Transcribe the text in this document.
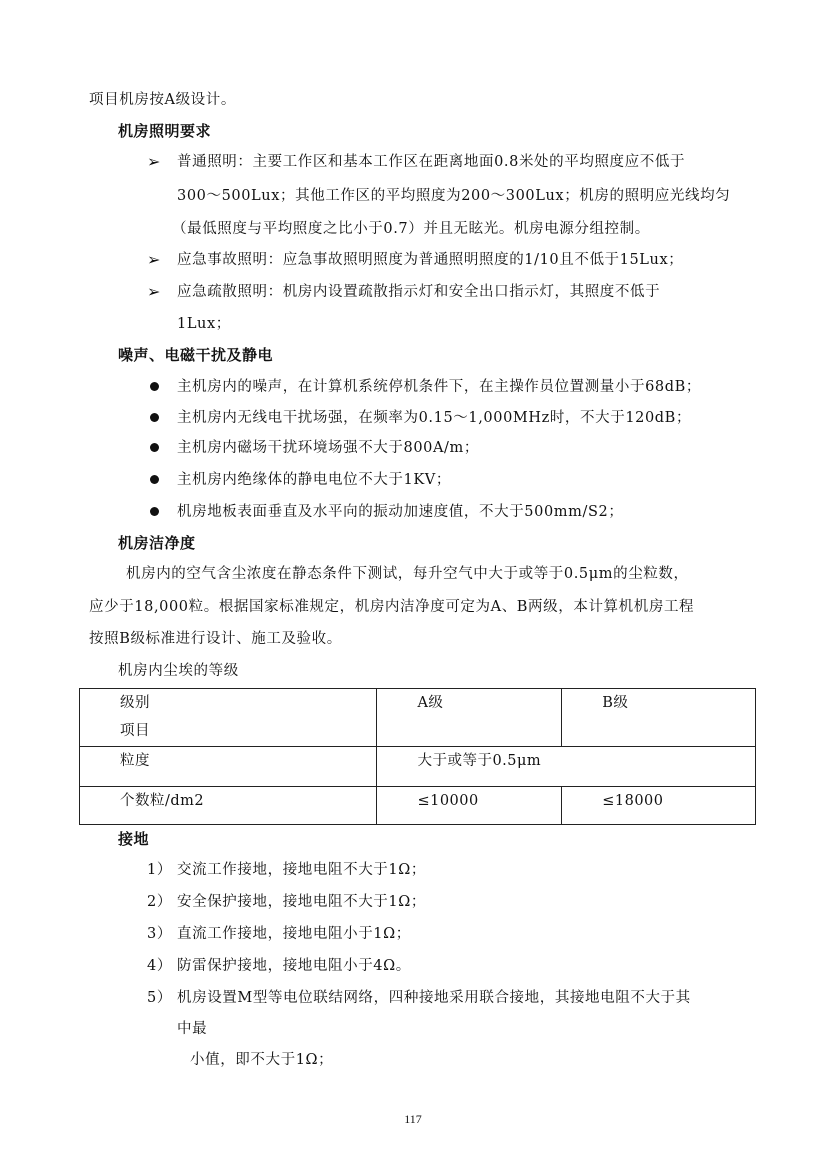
项目机房按A级设计。
机房照明要求
➢ 普通照明：主要工作区和基本工作区在距离地面0.8米处的平均照度应不低于
300～500Lux；其他工作区的平均照度为200～300Lux；机房的照明应光线均匀
（最低照度与平均照度之比小于0.7）并且无眩光。机房电源分组控制。
➢ 应急事故照明：应急事故照明照度为普通照明照度的1/10且不低于15Lux；
➢ 应急疏散照明：机房内设置疏散指示灯和安全出口指示灯，其照度不低于
1Lux；
噪声、电磁干扰及静电
主机房内的噪声，在计算机系统停机条件下，在主操作员位置测量小于68dB；
主机房内无线电干扰场强，在频率为0.15～1,000MHz时，不大于120dB；
主机房内磁场干扰环境场强不大于800A/m；
主机房内绝缘体的静电电位不大于1KV；
机房地板表面垂直及水平向的振动加速度值，不大于500mm/S2；
机房洁净度
机房内的空气含尘浓度在静态条件下测试，每升空气中大于或等于0.5μm的尘粒数，
应少于18,000粒。根据国家标准规定，机房内洁净度可定为A、B两级，本计算机机房工程
按照B级标准进行设计、施工及验收。
机房内尘埃的等级
级别
项目	A级	B级

粒度	大于或等于0.5μm	

个数粒/dm2	≤10000	≤18000
接地
1） 交流工作接地，接地电阻不大于1Ω；
2） 安全保护接地，接地电阻不大于1Ω；
3） 直流工作接地，接地电阻小于1Ω；
4） 防雷保护接地，接地电阻小于4Ω。
5） 机房设置M型等电位联结网络，四种接地采用联合接地，其接地电阻不大于其
中最
小值，即不大于1Ω；
117
